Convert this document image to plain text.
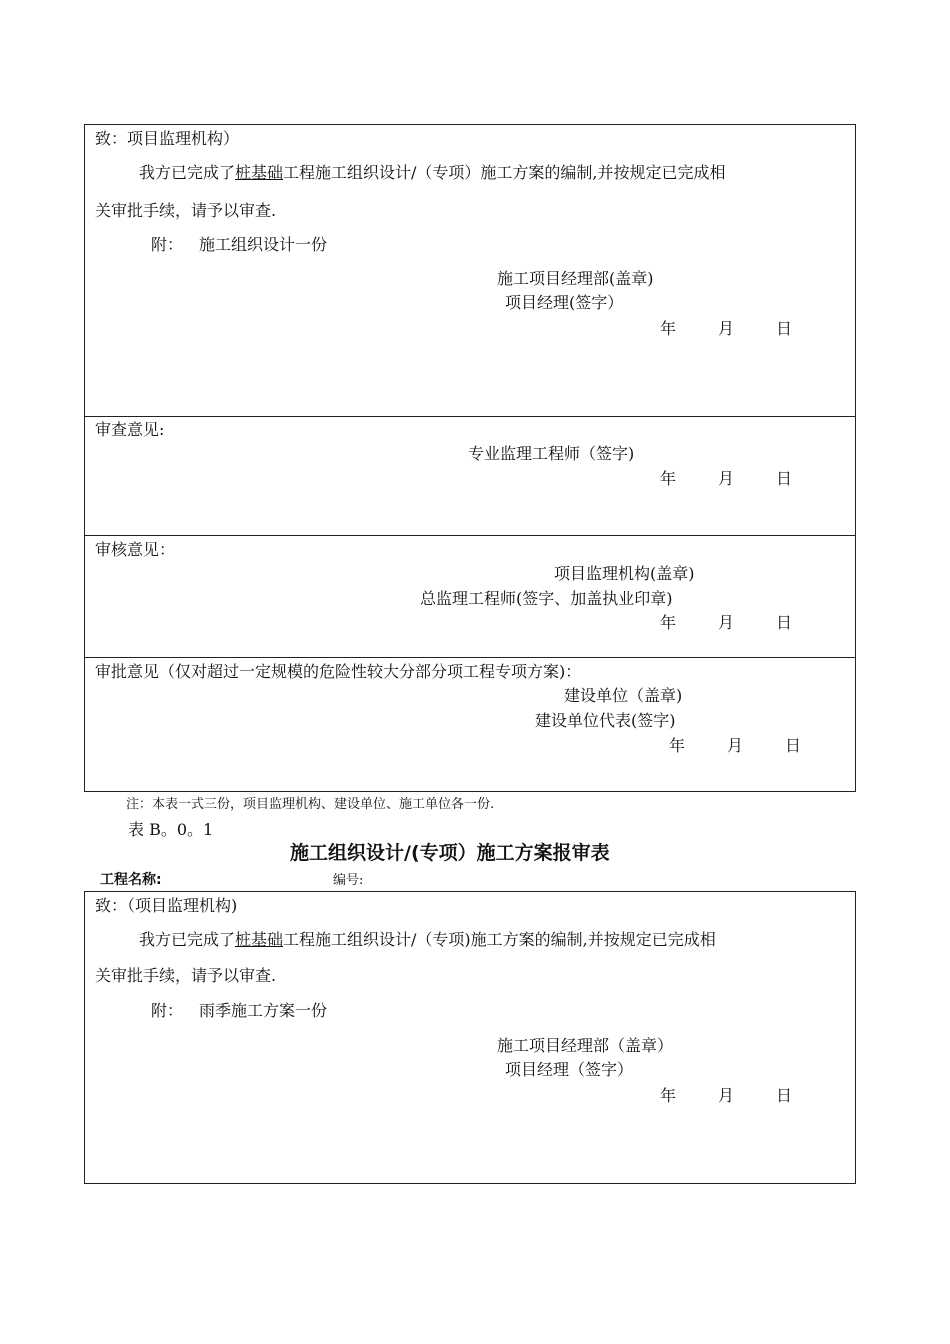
致：项目监理机构）
我方已完成了桩基础工程施工组织设计/（专项）施工方案的编制,并按规定已完成相
关审批手续，请予以审查.
附： 施工组织设计一份
施工项目经理部(盖章)
项目经理(签字）
年	月	日
审查意见:
专业监理工程师（签字)
年	月	日
审核意见：
项目监理机构(盖章)
总监理工程师(签字、加盖执业印章)
年	月	日
审批意见（仅对超过一定规模的危险性较大分部分项工程专项方案)：
建设单位（盖章)
建设单位代表(签字)
年	月	日
注：本表一式三份，项目监理机构、建设单位、施工单位各一份.
表 B。0。1
施工组织设计/(专项）施工方案报审表
工程名称:	编号:
致：（项目监理机构)
我方已完成了桩基础工程施工组织设计/（专项)施工方案的编制,并按规定已完成相
关审批手续，请予以审查.
附： 雨季施工方案一份
施工项目经理部（盖章）
项目经理（签字）
年	月	日
